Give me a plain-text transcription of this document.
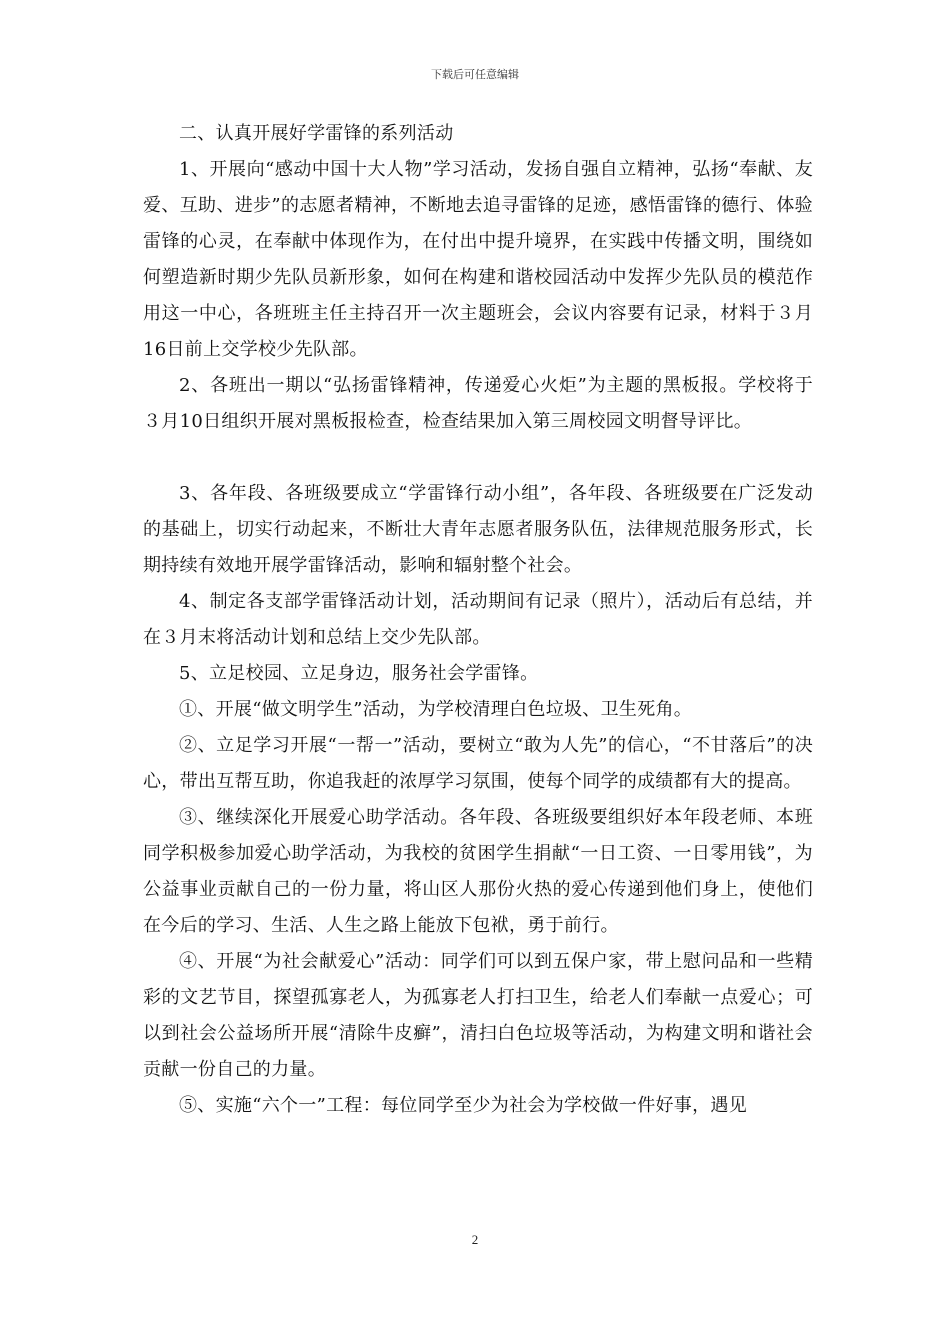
下载后可任意编辑

二、认真开展好学雷锋的系列活动

1、开展向“感动中国十大人物”学习活动，发扬自强自立精神，弘扬“奉献、友爱、互助、进步”的志愿者精神，不断地去追寻雷锋的足迹，感悟雷锋的德行、体验雷锋的心灵，在奉献中体现作为，在付出中提升境界，在实践中传播文明，围绕如何塑造新时期少先队员新形象，如何在构建和谐校园活动中发挥少先队员的模范作用这一中心，各班班主任主持召开一次主题班会，会议内容要有记录，材料于３月16日前上交学校少先队部。

2、各班出一期以“弘扬雷锋精神，传递爱心火炬”为主题的黑板报。学校将于３月10日组织开展对黑板报检查，检查结果加入第三周校园文明督导评比。

3、各年段、各班级要成立“学雷锋行动小组”，各年段、各班级要在广泛发动的基础上，切实行动起来，不断壮大青年志愿者服务队伍，法律规范服务形式，长期持续有效地开展学雷锋活动，影响和辐射整个社会。

4、制定各支部学雷锋活动计划，活动期间有记录（照片），活动后有总结，并在３月末将活动计划和总结上交少先队部。

5、立足校园、立足身边，服务社会学雷锋。

①、开展“做文明学生”活动，为学校清理白色垃圾、卫生死角。

②、立足学习开展“一帮一”活动，要树立“敢为人先”的信心，“不甘落后”的决心，带出互帮互助，你追我赶的浓厚学习氛围，使每个同学的成绩都有大的提高。

③、继续深化开展爱心助学活动。各年段、各班级要组织好本年段老师、本班同学积极参加爱心助学活动，为我校的贫困学生捐献“一日工资、一日零用钱”，为公益事业贡献自己的一份力量，将山区人那份火热的爱心传递到他们身上，使他们在今后的学习、生活、人生之路上能放下包袱，勇于前行。

④、开展“为社会献爱心”活动：同学们可以到五保户家，带上慰问品和一些精彩的文艺节目，探望孤寡老人，为孤寡老人打扫卫生，给老人们奉献一点爱心；可以到社会公益场所开展“清除牛皮癣”，清扫白色垃圾等活动，为构建文明和谐社会贡献一份自己的力量。

⑤、实施“六个一”工程：每位同学至少为社会为学校做一件好事，遇见

2
